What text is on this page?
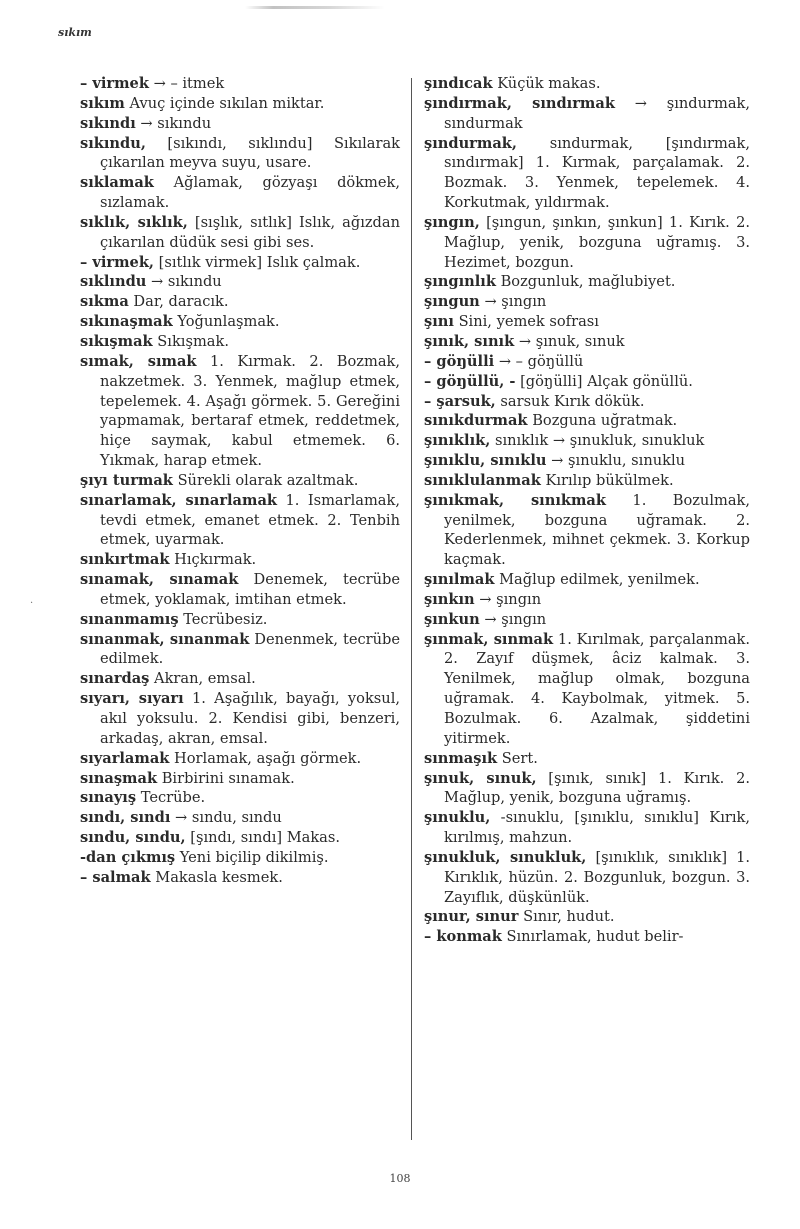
sıkım
·
– virmek → – itmek
sıkım Avuç içinde sıkılan miktar.
sıkındı → sıkındu
sıkındu, [sıkındı, sıklındu] Sıkılarak çıkarılan meyva suyu, usare.
sıklamak Ağlamak, gözyaşı dökmek, sızlamak.
sıklık, sıklık, [sışlık, sıtlık] Islık, ağızdan çıkarılan düdük sesi gibi ses.
– virmek, [sıtlık virmek] Islık çalmak.
sıklındu → sıkındu
sıkma Dar, daracık.
sıkınaşmak Yoğunlaşmak.
sıkışmak Sıkışmak.
sımak, sımak 1. Kırmak. 2. Bozmak, nakzetmek. 3. Yenmek, mağlup etmek, tepelemek. 4. Aşağı görmek. 5. Gereğini yapmamak, bertaraf etmek, reddetmek, hiçe saymak, kabul etmemek. 6. Yıkmak, harap etmek.
şıyı turmak Sürekli olarak azaltmak.
sınarlamak, sınarlamak 1. Ismarlamak, tevdi etmek, emanet etmek. 2. Tenbih etmek, uyarmak.
sınkırtmak Hıçkırmak.
sınamak, sınamak Denemek, tecrübe etmek, yoklamak, imtihan etmek.
sınanmamış Tecrübesiz.
sınanmak, sınanmak Denenmek, tecrübe edilmek.
sınardaş Akran, emsal.
sıyarı, sıyarı 1. Aşağılık, bayağı, yoksul, akıl yoksulu. 2. Kendisi gibi, benzeri, arkadaş, akran, emsal.
sıyarlamak Horlamak, aşağı görmek.
sınaşmak Birbirini sınamak.
sınayış Tecrübe.
sındı, sındı → sındu, sındu
sındu, sındu, [şındı, sındı] Makas.
-dan çıkmış Yeni biçilip dikilmiş.
– salmak Makasla kesmek.
şındıcak Küçük makas.
şındırmak, sındırmak → şındurmak, sındurmak
şındurmak, sındurmak, [şındırmak, sındırmak] 1. Kırmak, parçalamak. 2. Bozmak. 3. Yenmek, tepelemek. 4. Korkutmak, yıldırmak.
şıngın, [şıngun, şınkın, şınkun] 1. Kırık. 2. Mağlup, yenik, bozguna uğramış. 3. Hezimet, bozgun.
şıngınlık Bozgunluk, mağlubiyet.
şıngun → şıngın
şını Sini, yemek sofrası
şınık, sınık → şınuk, sınuk
– göŋülli → – göŋüllü
– göŋüllü, - [göŋülli] Alçak gönüllü.
– şarsuk, sarsuk Kırık dökük.
sınıkdurmak Bozguna uğratmak.
şınıklık, sınıklık → şınukluk, sınukluk
şınıklu, sınıklu → şınuklu, sınuklu
sınıklulanmak Kırılıp bükülmek.
şınıkmak, sınıkmak 1. Bozulmak, yenilmek, bozguna uğramak. 2. Kederlenmek, mihnet çekmek. 3. Korkup kaçmak.
şınılmak Mağlup edilmek, yenilmek.
şınkın → şıngın
şınkun → şıngın
şınmak, sınmak 1. Kırılmak, parçalanmak. 2. Zayıf düşmek, âciz kalmak. 3. Yenilmek, mağlup olmak, bozguna uğramak. 4. Kaybolmak, yitmek. 5. Bozulmak. 6. Azalmak, şiddetini yitirmek.
sınmaşık Sert.
şınuk, sınuk, [şınık, sınık] 1. Kırık. 2. Mağlup, yenik, bozguna uğramış.
şınuklu, -sınuklu, [şınıklu, sınıklu] Kırık, kırılmış, mahzun.
şınukluk, sınukluk, [şınıklık, sınıklık] 1. Kırıklık, hüzün. 2. Bozgunluk, bozgun. 3. Zayıflık, düşkünlük.
şınur, sınur Sınır, hudut.
– konmak Sınırlamak, hudut belir-
108
